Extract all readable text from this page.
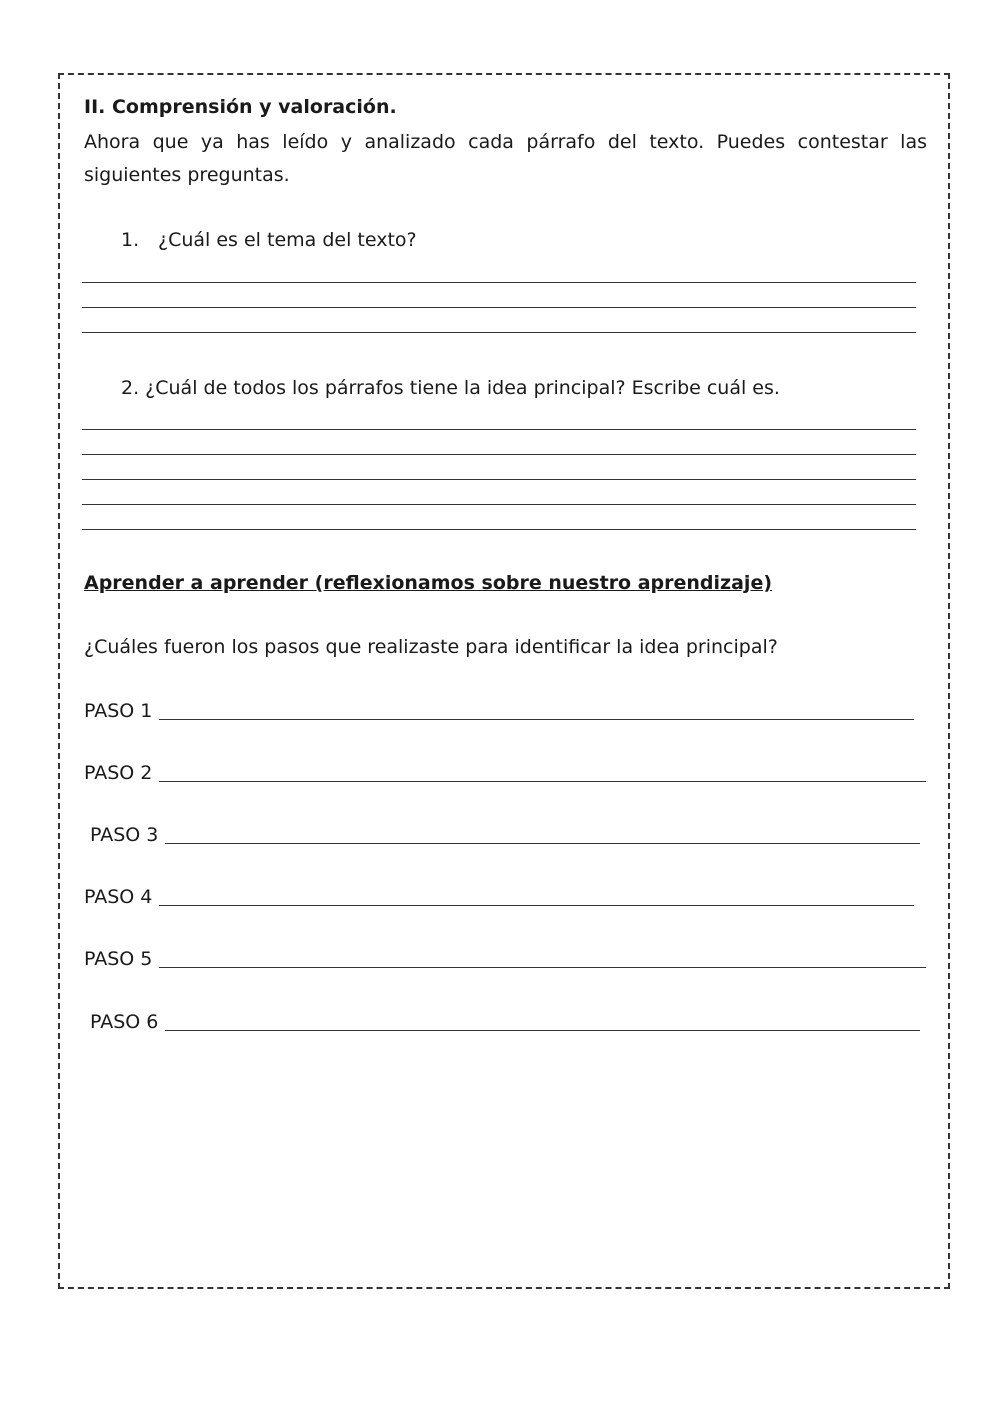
II. Comprensión y valoración.
Ahora que ya has leído y analizado cada párrafo del texto. Puedes contestar las siguientes preguntas.
1. ¿Cuál es el tema del texto?
2. ¿Cuál de todos los párrafos tiene la idea principal? Escribe cuál es.
Aprender a aprender (reflexionamos sobre nuestro aprendizaje)
¿Cuáles fueron los pasos que realizaste para identificar la idea principal?
PASO 1
PASO 2
PASO 3
PASO 4
PASO 5
PASO 6
